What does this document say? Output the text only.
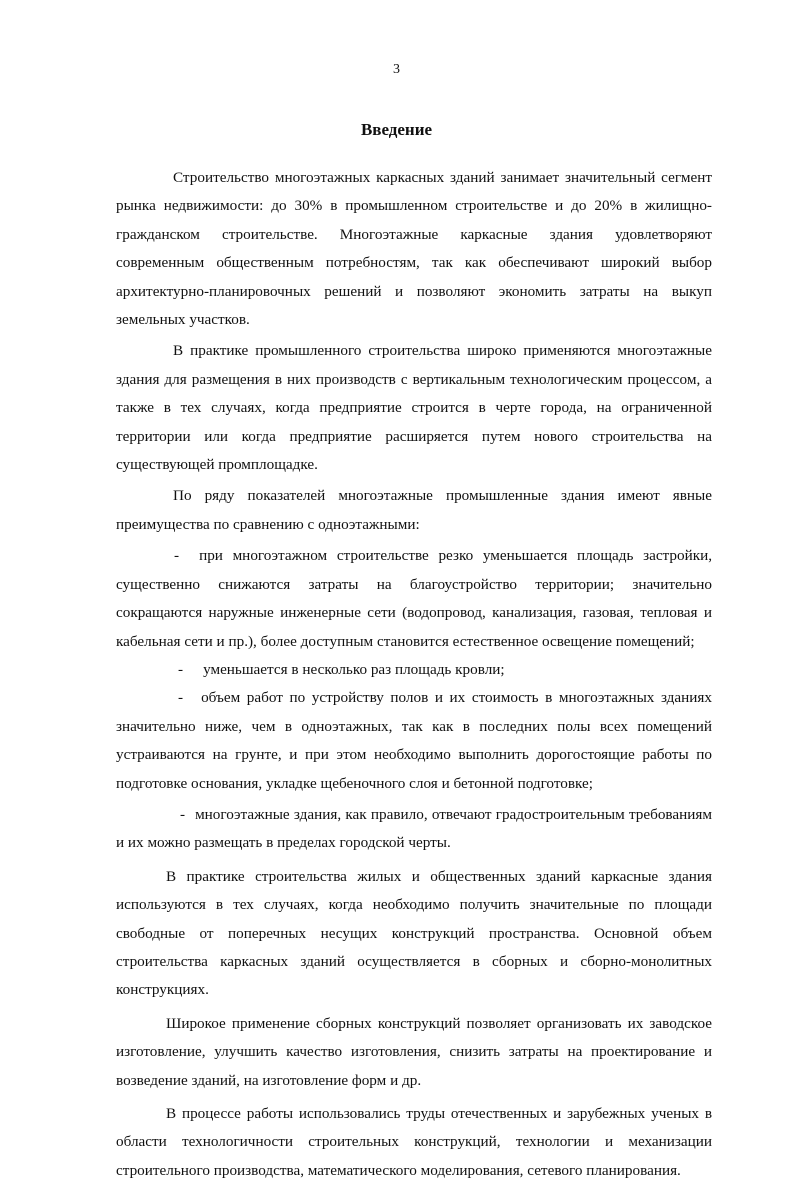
3
Введение

Строительство многоэтажных каркасных зданий занимает значительный сегмент рынка недвижимости: до 30% в промышленном строительстве и до 20% в жилищно-гражданском строительстве. Многоэтажные каркасные здания удовлетворяют современным общественным потребностям, так как обеспечивают широкий выбор архитектурно-планировочных решений и позволяют экономить затраты на выкуп земельных участков.

В практике промышленного строительства широко применяются многоэтажные здания для размещения в них производств с вертикальным технологическим процессом, а также в тех случаях, когда предприятие строится в черте города, на ограниченной территории или когда предприятие расширяется путем нового строительства на существующей промплощадке.

По ряду показателей многоэтажные промышленные здания имеют явные преимущества по сравнению с одноэтажными:

- при многоэтажном строительстве резко уменьшается площадь застройки, существенно снижаются затраты на благоустройство территории; значительно сокращаются наружные инженерные сети (водопровод, канализация, газовая, тепловая и кабельная сети и пр.), более доступным становится естественное освещение помещений;

- уменьшается в несколько раз площадь кровли;

- объем работ по устройству полов и их стоимость в многоэтажных зданиях значительно ниже, чем в одноэтажных, так как в последних полы всех помещений устраиваются на грунте, и при этом необходимо выполнить дорогостоящие работы по подготовке основания, укладке щебеночного слоя и бетонной подготовке;

- многоэтажные здания, как правило, отвечают градостроительным требованиям и их можно размещать в пределах городской черты.

В практике строительства жилых и общественных зданий каркасные здания используются в тех случаях, когда необходимо получить значительные по площади свободные от поперечных несущих конструкций пространства. Основной объем строительства каркасных зданий осуществляется в сборных и сборно-монолитных конструкциях.

Широкое применение сборных конструкций позволяет организовать их заводское изготовление, улучшить качество изготовления, снизить затраты на проектирование и возведение зданий, на изготовление форм и др.

В процессе работы использовались труды отечественных и зарубежных ученых в области технологичности строительных конструкций, технологии и механизации строительного производства, математического моделирования, сетевого планирования.
